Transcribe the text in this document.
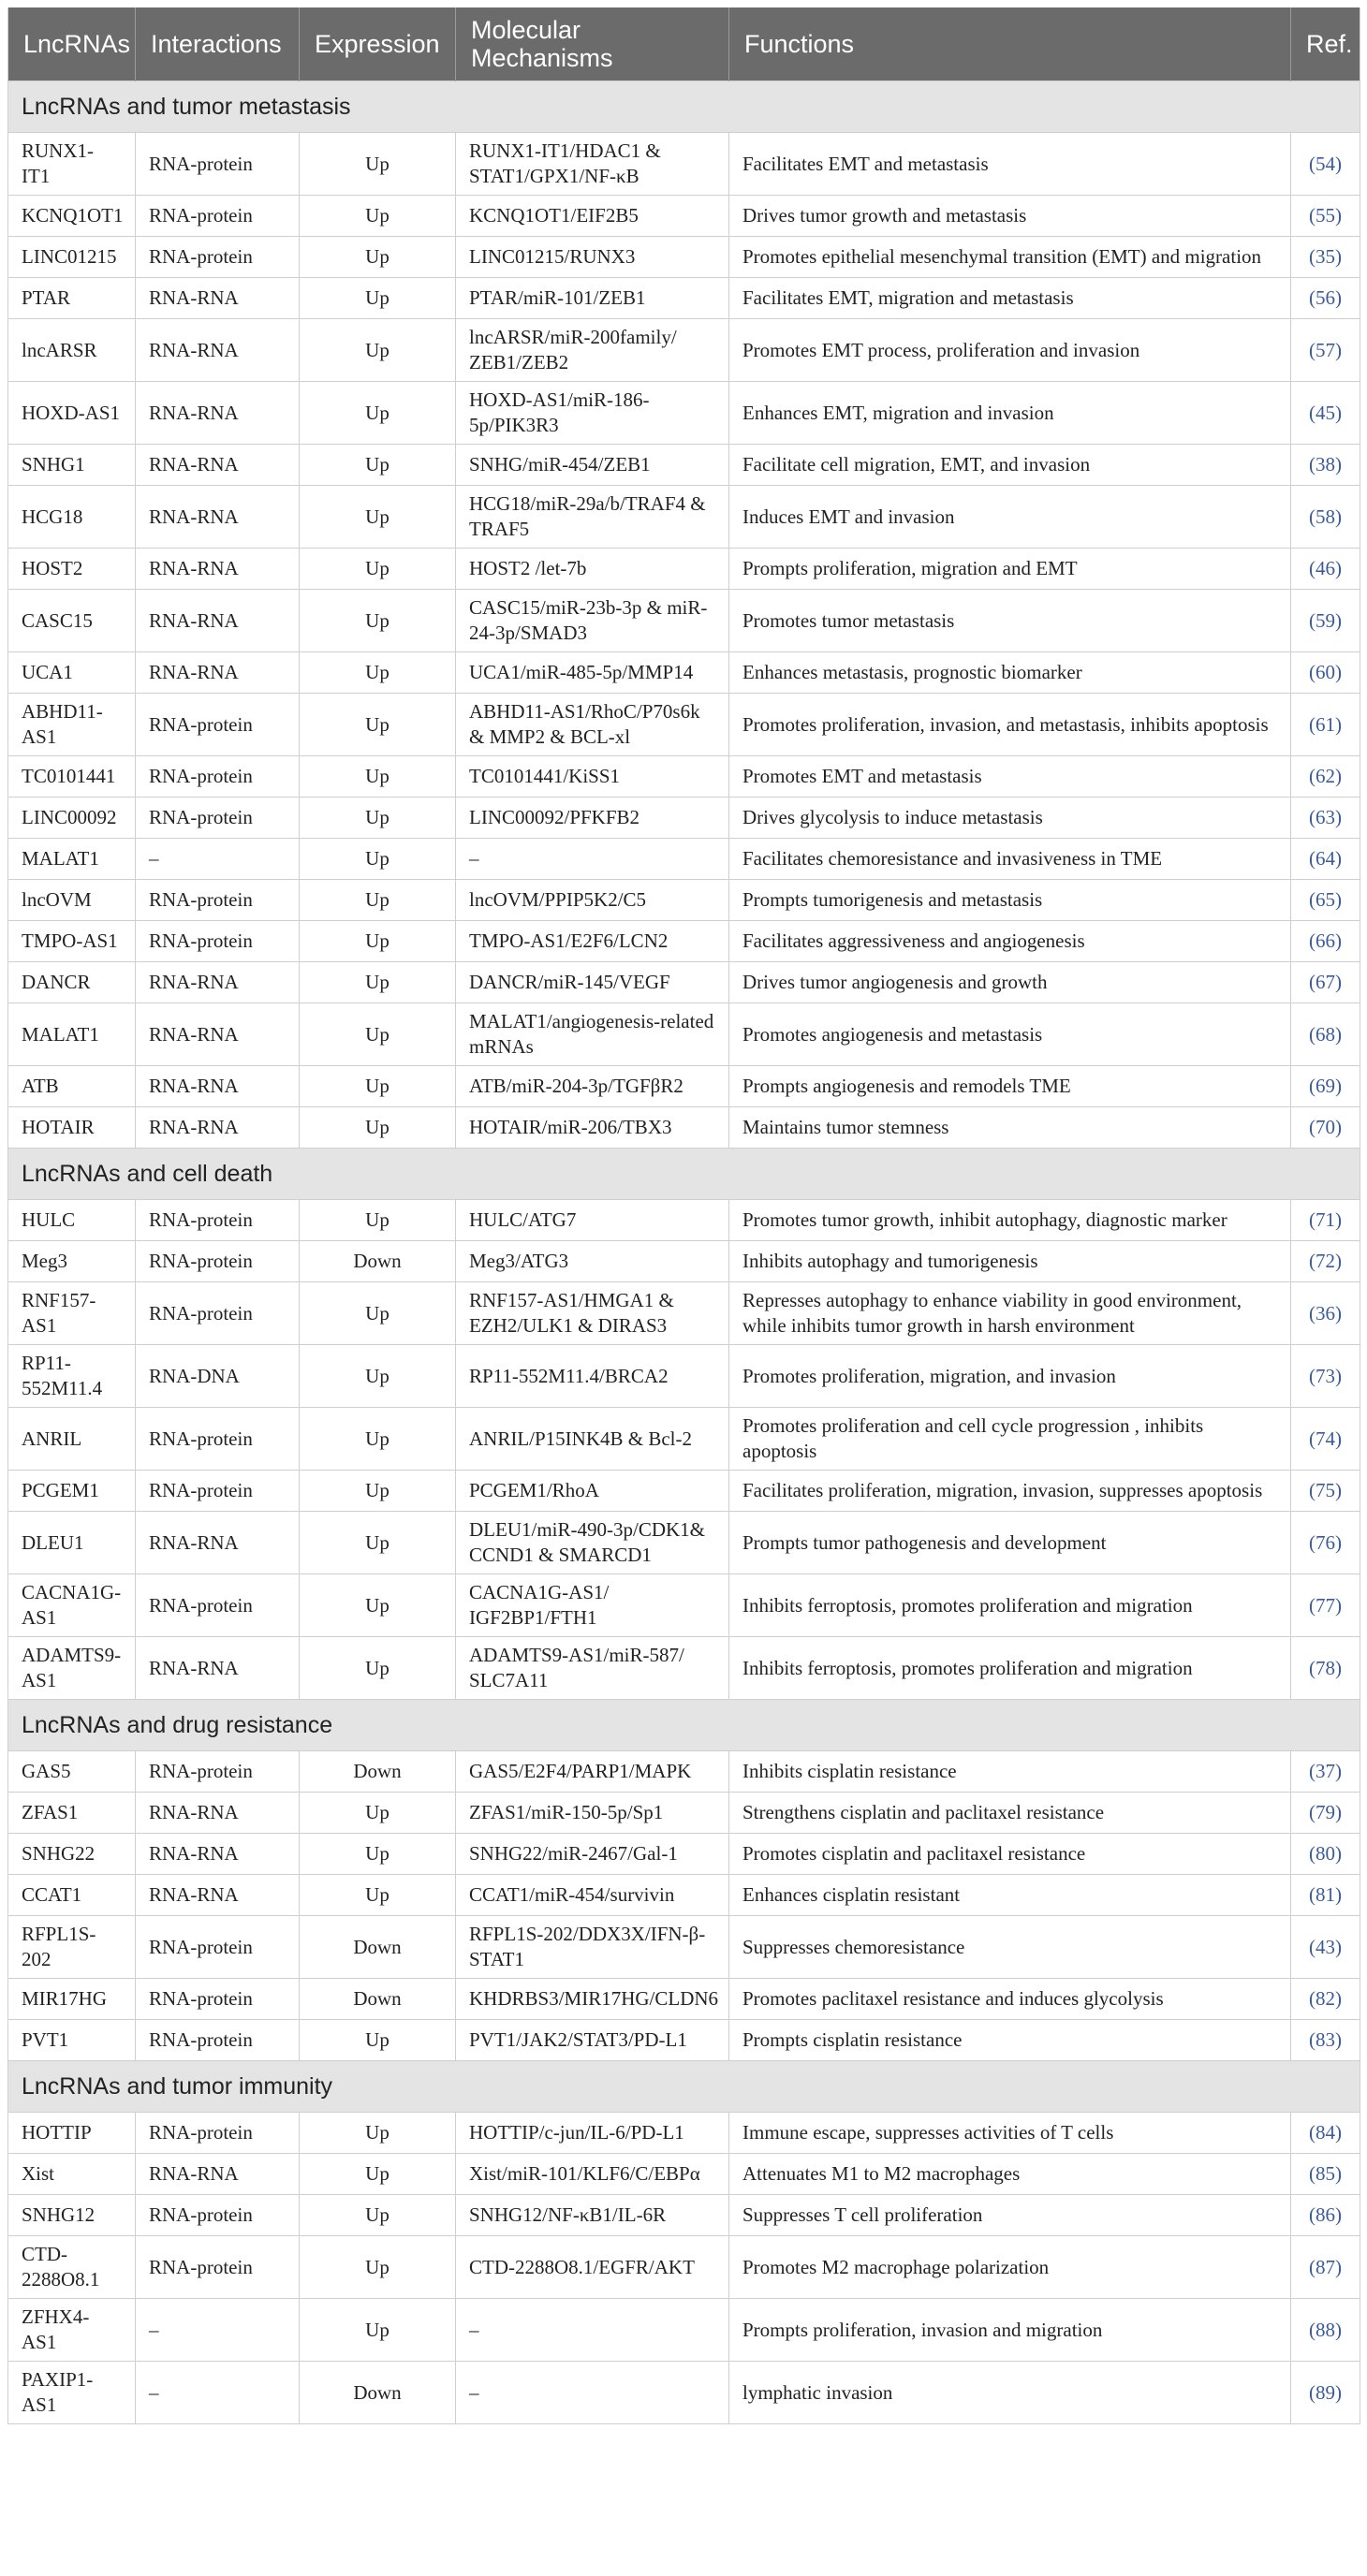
LncRNAs	Interactions	Expression	Molecular Mechanisms	Functions	Ref.
LncRNAs and tumor metastasis					
RUNX1-IT1	RNA-protein	Up	RUNX1-IT1/HDAC1 & STAT1/GPX1/NF-κB	Facilitates EMT and metastasis	(54)
KCNQ1OT1	RNA-protein	Up	KCNQ1OT1/EIF2B5	Drives tumor growth and metastasis	(55)
LINC01215	RNA-protein	Up	LINC01215/RUNX3	Promotes epithelial mesenchymal transition (EMT) and migration	(35)
PTAR	RNA-RNA	Up	PTAR/miR-101/ZEB1	Facilitates EMT, migration and metastasis	(56)
lncARSR	RNA-RNA	Up	lncARSR/miR-200family/ ZEB1/ZEB2	Promotes EMT process, proliferation and invasion	(57)
HOXD-AS1	RNA-RNA	Up	HOXD-AS1/miR-186-5p/PIK3R3	Enhances EMT, migration and invasion	(45)
SNHG1	RNA-RNA	Up	SNHG/miR-454/ZEB1	Facilitate cell migration, EMT, and invasion	(38)
HCG18	RNA-RNA	Up	HCG18/miR-29a/b/TRAF4 & TRAF5	Induces EMT and invasion	(58)
HOST2	RNA-RNA	Up	HOST2 /let-7b	Prompts proliferation, migration and EMT	(46)
CASC15	RNA-RNA	Up	CASC15/miR-23b-3p & miR-24-3p/SMAD3	Promotes tumor metastasis	(59)
UCA1	RNA-RNA	Up	UCA1/miR-485-5p/MMP14	Enhances metastasis, prognostic biomarker	(60)
ABHD11-AS1	RNA-protein	Up	ABHD11-AS1/RhoC/P70s6k & MMP2 & BCL-xl	Promotes proliferation, invasion, and metastasis, inhibits apoptosis	(61)
TC0101441	RNA-protein	Up	TC0101441/KiSS1	Promotes EMT and metastasis	(62)
LINC00092	RNA-protein	Up	LINC00092/PFKFB2	Drives glycolysis to induce metastasis	(63)
MALAT1	–	Up	–	Facilitates chemoresistance and invasiveness in TME	(64)
lncOVM	RNA-protein	Up	lncOVM/PPIP5K2/C5	Prompts tumorigenesis and metastasis	(65)
TMPO-AS1	RNA-protein	Up	TMPO-AS1/E2F6/LCN2	Facilitates aggressiveness and angiogenesis	(66)
DANCR	RNA-RNA	Up	DANCR/miR-145/VEGF	Drives tumor angiogenesis and growth	(67)
MALAT1	RNA-RNA	Up	MALAT1/angiogenesis-related mRNAs	Promotes angiogenesis and metastasis	(68)
ATB	RNA-RNA	Up	ATB/miR-204-3p/TGFβR2	Prompts angiogenesis and remodels TME	(69)
HOTAIR	RNA-RNA	Up	HOTAIR/miR-206/TBX3	Maintains tumor stemness	(70)
LncRNAs and cell death					
HULC	RNA-protein	Up	HULC/ATG7	Promotes tumor growth, inhibit autophagy, diagnostic marker	(71)
Meg3	RNA-protein	Down	Meg3/ATG3	Inhibits autophagy and tumorigenesis	(72)
RNF157-AS1	RNA-protein	Up	RNF157-AS1/HMGA1 & EZH2/ULK1 & DIRAS3	Represses autophagy to enhance viability in good environment, while inhibits tumor growth in harsh environment	(36)
RP11-552M11.4	RNA-DNA	Up	RP11-552M11.4/BRCA2	Promotes proliferation, migration, and invasion	(73)
ANRIL	RNA-protein	Up	ANRIL/P15INK4B & Bcl-2	Promotes proliferation and cell cycle progression , inhibits apoptosis	(74)
PCGEM1	RNA-protein	Up	PCGEM1/RhoA	Facilitates proliferation, migration, invasion, suppresses apoptosis	(75)
DLEU1	RNA-RNA	Up	DLEU1/miR-490-3p/CDK1& CCND1 & SMARCD1	Prompts tumor pathogenesis and development	(76)
CACNA1G-AS1	RNA-protein	Up	CACNA1G-AS1/ IGF2BP1/FTH1	Inhibits ferroptosis, promotes proliferation and migration	(77)
ADAMTS9-AS1	RNA-RNA	Up	ADAMTS9-AS1/miR-587/ SLC7A11	Inhibits ferroptosis, promotes proliferation and migration	(78)
LncRNAs and drug resistance					
GAS5	RNA-protein	Down	GAS5/E2F4/PARP1/MAPK	Inhibits cisplatin resistance	(37)
ZFAS1	RNA-RNA	Up	ZFAS1/miR-150-5p/Sp1	Strengthens cisplatin and paclitaxel resistance	(79)
SNHG22	RNA-RNA	Up	SNHG22/miR-2467/Gal-1	Promotes cisplatin and paclitaxel resistance	(80)
CCAT1	RNA-RNA	Up	CCAT1/miR-454/survivin	Enhances cisplatin resistant	(81)
RFPL1S-202	RNA-protein	Down	RFPL1S-202/DDX3X/IFN-β-STAT1	Suppresses chemoresistance	(43)
MIR17HG	RNA-protein	Down	KHDRBS3/MIR17HG/CLDN6	Promotes paclitaxel resistance and induces glycolysis	(82)
PVT1	RNA-protein	Up	PVT1/JAK2/STAT3/PD-L1	Prompts cisplatin resistance	(83)
LncRNAs and tumor immunity					
HOTTIP	RNA-protein	Up	HOTTIP/c-jun/IL-6/PD-L1	Immune escape, suppresses activities of T cells	(84)
Xist	RNA-RNA	Up	Xist/miR-101/KLF6/C/EBPα	Attenuates M1 to M2 macrophages	(85)
SNHG12	RNA-protein	Up	SNHG12/NF-κB1/IL-6R	Suppresses T cell proliferation	(86)
CTD-2288O8.1	RNA-protein	Up	CTD-2288O8.1/EGFR/AKT	Promotes M2 macrophage polarization	(87)
ZFHX4-AS1	–	Up	–	Prompts proliferation, invasion and migration	(88)
PAXIP1-AS1	–	Down	–	lymphatic invasion	(89)
